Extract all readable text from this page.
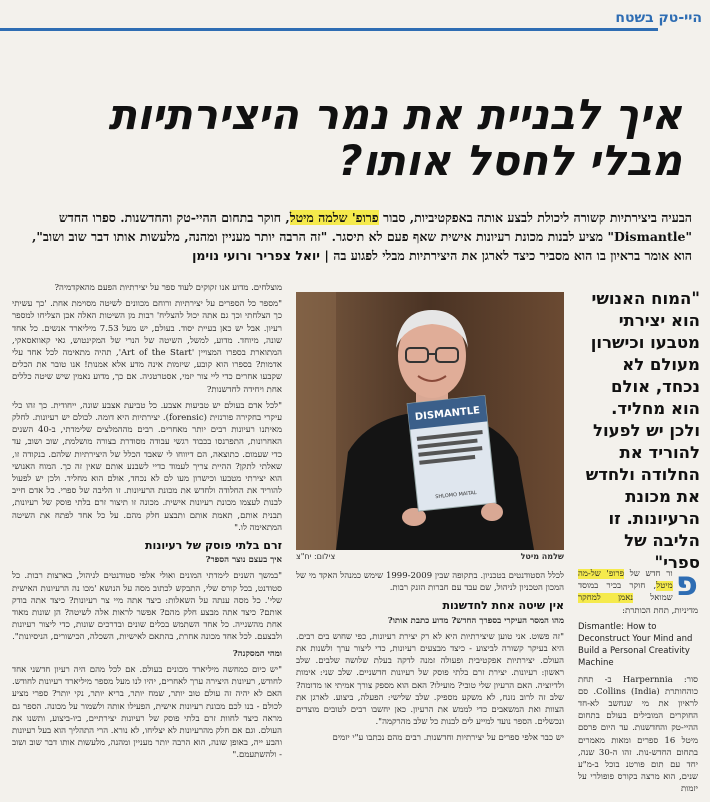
היי-טק בשטח
איך לבניית את נמר היצירתיות מבלי לחסל אותו?
הבעיה ביצירתיות קשורה ליכולת לבצע אותה באפקטיביות, סבור פרופ' שלמה מיטל, חוקר בתחום ההיי-טק והחדשנות. ספרו החדש "Dismantle" מציע לבנות מכונת רעיונות אישית שאף פעם לא תיסגר. "זה הרבה יותר מעניין ומהנה, מלעשות אותו דבר שוב ושוב", הוא אומר בראיון בו הוא מסביר כיצד לארגן את היצירתיות מבלי לפגוע בה | יואל צפריר ורועי נוימן

מוצלחים. מדוע אנו זקוקים לעוד ספר על יצירתיות הפעם מהאקדמיה?

"מספר כל הספרים על יצירתיות ורוחם מכוונים לשיטה מסוימת אחת. 'כך עשיתי כך הצלחתי וכך גם אתה יכול להצליח' רבות מן השיטות האלה אכן הצליחו למספר רעיון. אבל יש כאן בעיית יסוד. בעולם, יש מעל 7.53 מיליארד אנשים. כל אחד שונה, מיוחד. מדוע, למשל, השיטה של הנרי של המקינטוש, גאי קאוואסאקי, המתוארת בספרו המצויין 'Art of the Start', תהיה מתאימה לכל אחד עלי אדמות? בספרו הוא קובע, שיזמות אינה מדע אלא אמנות! אנו טובר את הכלים שקבעו אחרים כדי ליי צור יזמי, אסטרטגיה. אם כך, מדוע נאמין שיש שיטה כללים אחת ויחידה לחדשנות?

"לכל אדם בעולם יש טביעות אצבע. כל טביעת אצבע שונה, ייחודית. כך זהו כלי עיקרי בחקירה פורנזית (forensic). יצירתיות היא דומה. לכולם יש רעיונות. לחלק מאיתנו רעיונות רבים יותר מאחרים. רבים מההמלצים שלימדתי, ב-40 השנים האחרונות, התפרנסו בכבוד רגשי עבודה מסודרת בצורה מושלמת, שוב ושוב, עד כדי שעמום. כתוצאה, הם דיווחו לי שאבד הכלל של היצירתיות שלהם. בנקודה זו, שאלתי לתקן? ההיית צריך לעמוד כדיי לשבנע אותם שאין זה כך. המוח האנושי הוא יצירתי מטבעו וכישרון מעו לם לא נכחד, אולם הוא מחליד. ולכן יש לפעול להוריד את החלודה ולחדש את מכונת הרעיונות. זו הליבה של ספרי. כל אדם חייב לבנות לעצמו מכונת רעיונות אישית. מכונה זו תיצור זרם בלתי פוסק של רעיונות, תבנית אותם, תאמת אותם ותבצע חלק מהם. על כל אחד לפתח את השיטה המתאימה לו."

זרם בלתי פוסק של רעיונות

איך בעצם נוצר הספר?

"במשך השנים לימדתי המונים ואולי אלפי סטודנטים לניהול, בארצות רבות. כל סטודנט, בכל קורס שלי, התבקש לכתוב מסה על הנושא 'מכו נה הרעיונות האישית שלי'. כל מסה ענתה על השאלות: כיצד אתה מיי צר רעיונות? כיצד אתה בודק אותם? כיצד אתה מבצע חלק מהם? אפשר לראות אלה לשיטה? הן שונות מאוד אחת מהשנייה. כל אחד השתמש בכלים שונים ובדרכים שונות, כדי ליצור רעיונות ולבצעם. לכל אחד מכונה אחרת, בהתאם לאישיות, השכלה, הכישורים, הניסיונות".

ומהי המסקנה?

"יש כיום כמחשה מיליארד מכונים בעולם. אם לכל מהם היה רעיון חדשני אחד לחודש, רעיונות היצירה ערך לאחרים, יהיו לנו מעל מספר מיליארד רעיונות לחודש. האם לא יהיה זה עולם טוב יותר, שמח יותר, בריא יותר, נקי יותר? ספרי מציע לכולם - בנו לכם מכונת רעיונות אישית, הפעילו אותה ולשמור על מכונה. הספר גם מראה כיצד לחוות זרם בלתי פוסק של רעיונות יצירתיים, ביו-ביצוע, ותשנו את העולם. וגם אם חלק מהרעיונות לא יצליחו, לא נורא. הרי התהליך הוא בעל רעיונות והבע ייה, באופן שונה, הוא הרבה יותר מעניין ומהנה, מלעשות אותו דבר שוב ושוב - ולהשתעמם."

DISMANTLE
SHLOMO MAITAL
שלמה מיטל
צילום: יח"צ
"המוח האנושי הוא יצירתי מטבעו וכישרון מעולם לא נכחד, אולם הוא מחליד. ולכן יש לפעול להוריד את החלודה ולחדש את מכונת הרעיונות. זו הליבה של ספרי"

לכלל הסטודנטים בטכניון. בתקופה שבין 1999-2009 שימש כמנהל האקד מי של המכון הטכניון לניהול, שם עבד עם חברות הזנק רבות.

אין שיטה אחת לחדשנות

מהו המסר העיקרי בספרך החדש? מדוע כתבת אותו?

"זה פשוט. אני טוען שיצירתיות היא לא רק יצירת רעיונות, כפי שחוש בים רבים. היא בעיקר קשורה לביצוע - כיצד מבצעים רעיונות, כדי ליצור ערך ולשנות את העולם. יצירתיות אפקטיבית ופעולה זמנה לדקה בעלת שלושה שלבים. שלב ראשון: רעיונות. יצירת זרם בלתי פוסק של רעיונות חדשניים. שלב שני: אימות ולדיוציה. האם הרעיון שלי טובי? מועילו? האם הוא מספק צורך אמיתי או מדומה? שלב זה לרוב נזנח, לא משקע מספיק. שלב שלישי: הפעלה, ביצוע. לארגן את הצוות ואת המשאבים כדי לממש את הרעיון. כאן יחשבו רבים לטובים מוצדים ונכשלים. הספר נועד למייע לים לבנות כל שלב מהרקמה".

יש כבר אלפי ספרים על יצירתיות וחדשנות. רבים מהם נכתבו ע"י יזמים

פ
ור חדש של פרופ' של-מה מיטל, חוקר בכיר במוסד שמואל נאמן למחקר מדיניות, תחת הכותרת:

Dismantle: How to Deconstruct Your Mind and Build a Personal Creativity Machine

סור: Harpernnia ב- תחת כוהחותרת Collins (India). סם לראיון את מי שנחשב לא-חד החוקרים המובילים בעולם בתחום ההיי-טק והחדשנות. עד היום פרסם מיטל 16 ספרים ומאות מאמרים בתחום החדש-נות. זהו ה-30 שנה, יחד עם תום פורטנ בוכל ב-מ"ע שנים, הוא מרצה בקורס פופולרי על יזמות
